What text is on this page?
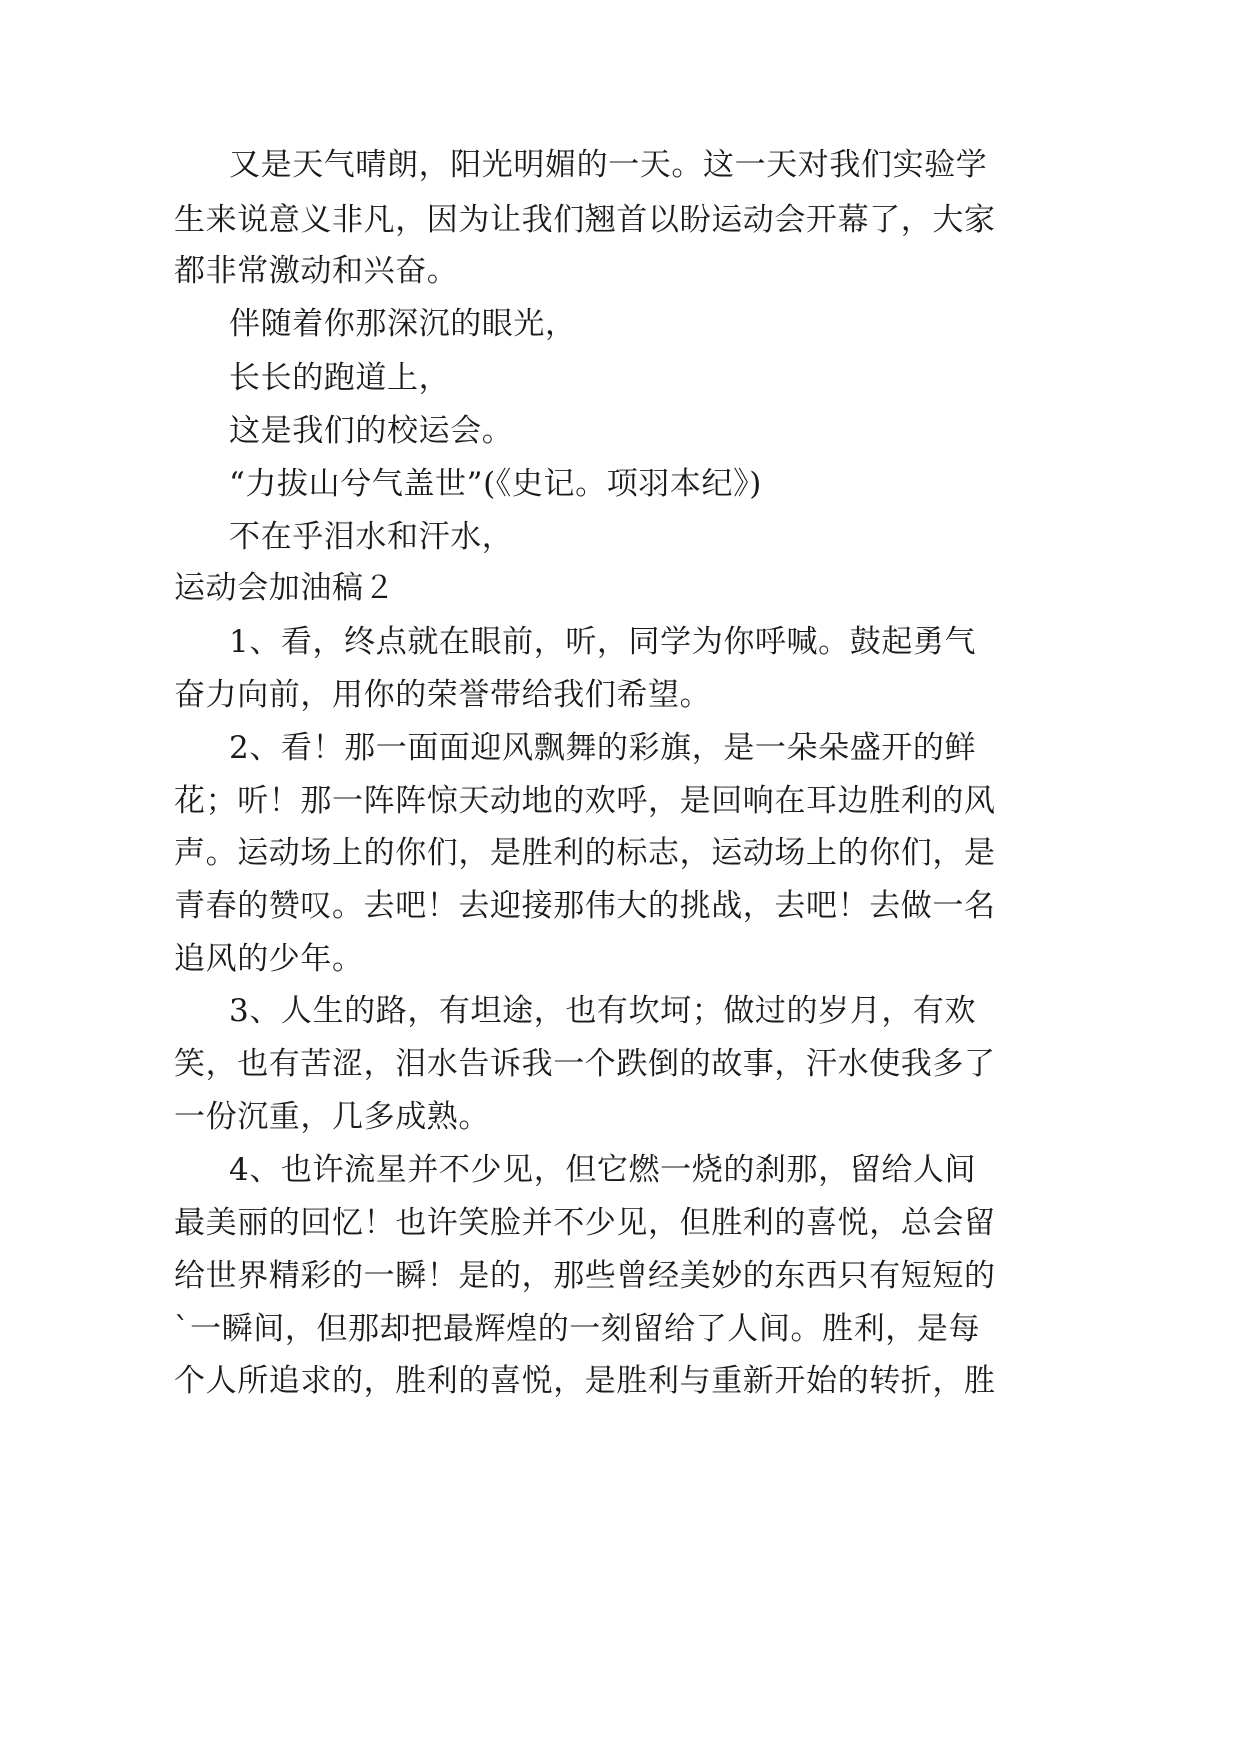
又是天气晴朗，阳光明媚的一天。这一天对我们实验学
生来说意义非凡，因为让我们翘首以盼运动会开幕了，大家
都非常激动和兴奋。
伴随着你那深沉的眼光，
长长的跑道上，
这是我们的校运会。
“力拔山兮气盖世”(《史记。项羽本纪》)
不在乎泪水和汗水，
运动会加油稿２
1、看，终点就在眼前，听，同学为你呼喊。鼓起勇气
奋力向前，用你的荣誉带给我们希望。
2、看！那一面面迎风飘舞的彩旗，是一朵朵盛开的鲜
花；听！那一阵阵惊天动地的欢呼，是回响在耳边胜利的风
声。运动场上的你们，是胜利的标志，运动场上的你们，是
青春的赞叹。去吧！去迎接那伟大的挑战，去吧！去做一名
追风的少年。
3、人生的路，有坦途，也有坎坷；做过的岁月，有欢
笑，也有苦涩，泪水告诉我一个跌倒的故事，汗水使我多了
一份沉重，几多成熟。
4、也许流星并不少见，但它燃一烧的刹那，留给人间
最美丽的回忆！也许笑脸并不少见，但胜利的喜悦，总会留
给世界精彩的一瞬！是的，那些曾经美妙的东西只有短短的
`一瞬间，但那却把最辉煌的一刻留给了人间。胜利，是每
个人所追求的，胜利的喜悦，是胜利与重新开始的转折，胜
